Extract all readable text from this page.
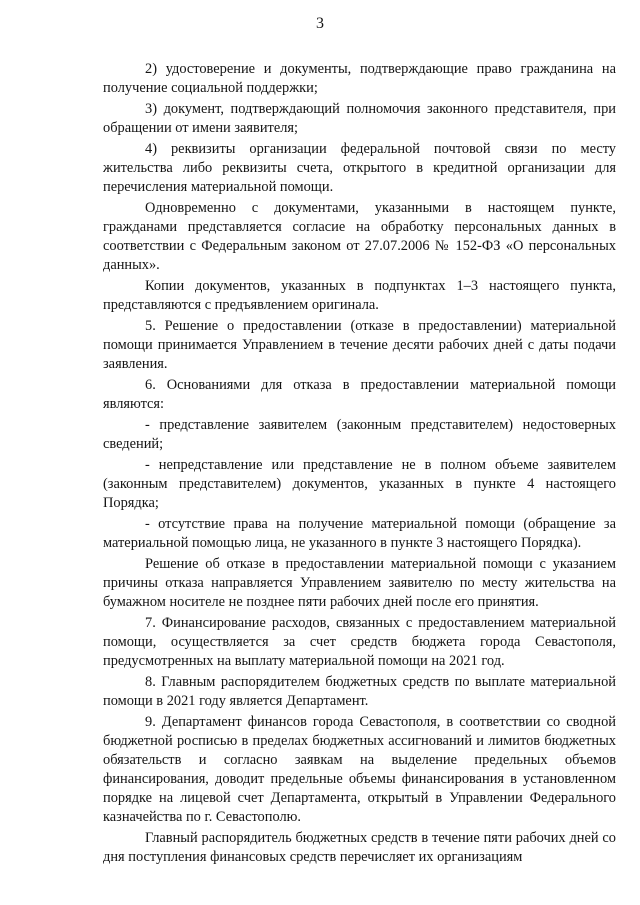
3

2) удостоверение и документы, подтверждающие право гражданина на получение социальной поддержки;

3) документ, подтверждающий полномочия законного представителя, при обращении от имени заявителя;

4) реквизиты организации федеральной почтовой связи по месту жительства либо реквизиты счета, открытого в кредитной организации для перечисления материальной помощи.

Одновременно с документами, указанными в настоящем пункте, гражданами представляется согласие на обработку персональных данных в соответствии с Федеральным законом от 27.07.2006 № 152-ФЗ «О персональных данных».

Копии документов, указанных в подпунктах 1–3 настоящего пункта, представляются с предъявлением оригинала.

5. Решение о предоставлении (отказе в предоставлении) материальной помощи принимается Управлением в течение десяти рабочих дней с даты подачи заявления.

6. Основаниями для отказа в предоставлении материальной помощи являются:

- представление заявителем (законным представителем) недостоверных сведений;

- непредставление или представление не в полном объеме заявителем (законным представителем) документов, указанных в пункте 4 настоящего Порядка;

- отсутствие права на получение материальной помощи (обращение за материальной помощью лица, не указанного в пункте 3 настоящего Порядка).

Решение об отказе в предоставлении материальной помощи с указанием причины отказа направляется Управлением заявителю по месту жительства на бумажном носителе не позднее пяти рабочих дней после его принятия.

7. Финансирование расходов, связанных с предоставлением материальной помощи, осуществляется за счет средств бюджета города Севастополя, предусмотренных на выплату материальной помощи на 2021 год.

8. Главным распорядителем бюджетных средств по выплате материальной помощи в 2021 году является Департамент.

9. Департамент финансов города Севастополя, в соответствии со сводной бюджетной росписью в пределах бюджетных ассигнований и лимитов бюджетных обязательств и согласно заявкам на выделение предельных объемов финансирования, доводит предельные объемы финансирования в установленном порядке на лицевой счет Департамента, открытый в Управлении Федерального казначейства по г. Севастополю.

Главный распорядитель бюджетных средств в течение пяти рабочих дней со дня поступления финансовых средств перечисляет их организациям
